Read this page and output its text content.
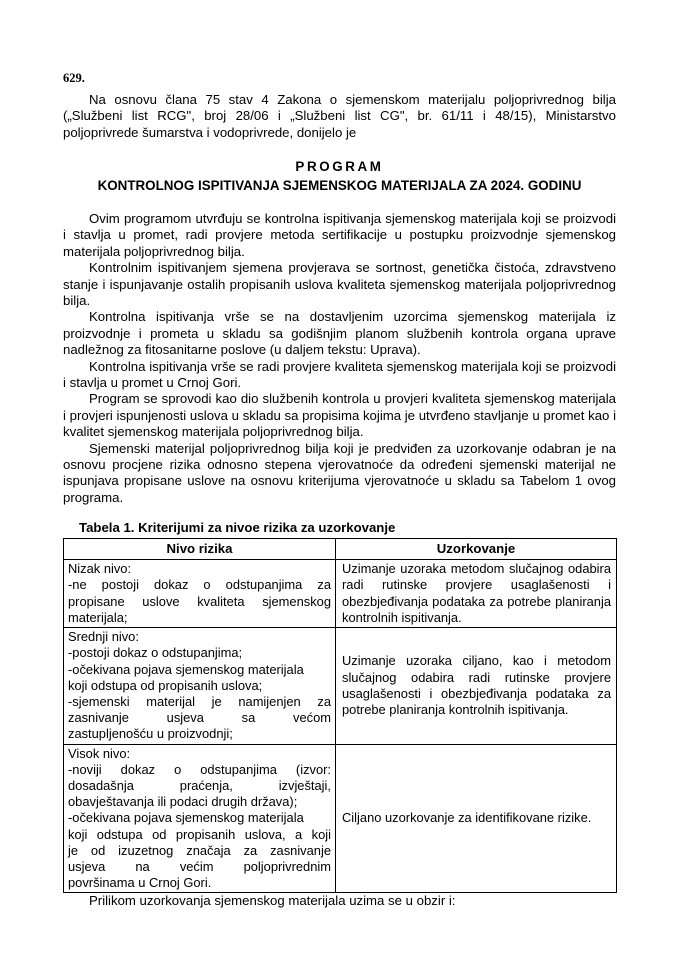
629.

Na osnovu člana 75 stav 4 Zakona o sjemenskom materijalu poljoprivrednog bilja („Službeni list RCG", broj 28/06 i „Službeni list CG", br. 61/11 i 48/15), Ministarstvo poljoprivrede šumarstva i vodoprivrede, donijelo je

PROGRAM
KONTROLNOG ISPITIVANJA SJEMENSKOG MATERIJALA ZA 2024. GODINU

Ovim programom utvrđuju se kontrolna ispitivanja sjemenskog materijala koji se proizvodi i stavlja u promet, radi provjere metoda sertifikacije u postupku proizvodnje sjemenskog materijala poljoprivrednog bilja.

Kontrolnim ispitivanjem sjemena provjerava se sortnost, genetička čistoća, zdravstveno stanje i ispunjavanje ostalih propisanih uslova kvaliteta sjemenskog materijala poljoprivrednog bilja.

Kontrolna ispitivanja vrše se na dostavljenim uzorcima sjemenskog materijala iz proizvodnje i prometa u skladu sa godišnjim planom službenih kontrola organa uprave nadležnog za fitosanitarne poslove (u daljem tekstu: Uprava).

Kontrolna ispitivanja vrše se radi provjere kvaliteta sjemenskog materijala koji se proizvodi i stavlja u promet u Crnoj Gori.

Program se sprovodi kao dio službenih kontrola u provjeri kvaliteta sjemenskog materijala i provjeri ispunjenosti uslova u skladu sa propisima kojima je utvrđeno stavljanje u promet kao i kvalitet sjemenskog materijala poljoprivrednog bilja.

Sjemenski materijal poljoprivrednog bilja koji je predviđen za uzorkovanje odabran je na osnovu procjene rizika odnosno stepena vjerovatnoće da određeni sjemenski materijal ne ispunjava propisane uslove na osnovu kriterijuma vjerovatnoće u skladu sa Tabelom 1 ovog programa.

Tabela 1. Kriterijumi za nivoe rizika za uzorkovanje
Nivo rizika	Uzorkovanje

Nizak nivo:
-ne postoji dokaz o odstupanjima za
propisane uslove kvaliteta sjemenskog
materijala;	Uzimanje uzoraka metodom slučajnog odabira radi rutinske provjere usaglašenosti i obezbjeđivanja podataka za potrebe planiranja kontrolnih ispitivanja.

Srednji nivo:
-postoji dokaz o odstupanjima;
-očekivana pojava sjemenskog materijala
koji odstupa od propisanih uslova;
-sjemenski materijal je namijenjen za
zasnivanje usjeva sa većom
zastupljenošću u proizvodnji;
	Uzimanje uzoraka ciljano, kao i metodom slučajnog odabira radi rutinske provjere usaglašenosti i obezbjeđivanja podataka za potrebe planiranja kontrolnih ispitivanja.

Visok nivo:
-noviji dokaz o odstupanjima (izvor:
dosadašnja praćenja, izvještaji,
obavještavanja ili podaci drugih država);
-očekivana pojava sjemenskog materijala
koji odstupa od propisanih uslova, a koji
je od izuzetnog značaja za zasnivanje
usjeva na većim poljoprivrednim
površinama u Crnoj Gori.
	Ciljano uzorkovanje za identifikovane rizike.

Prilikom uzorkovanja sjemenskog materijala uzima se u obzir i:
